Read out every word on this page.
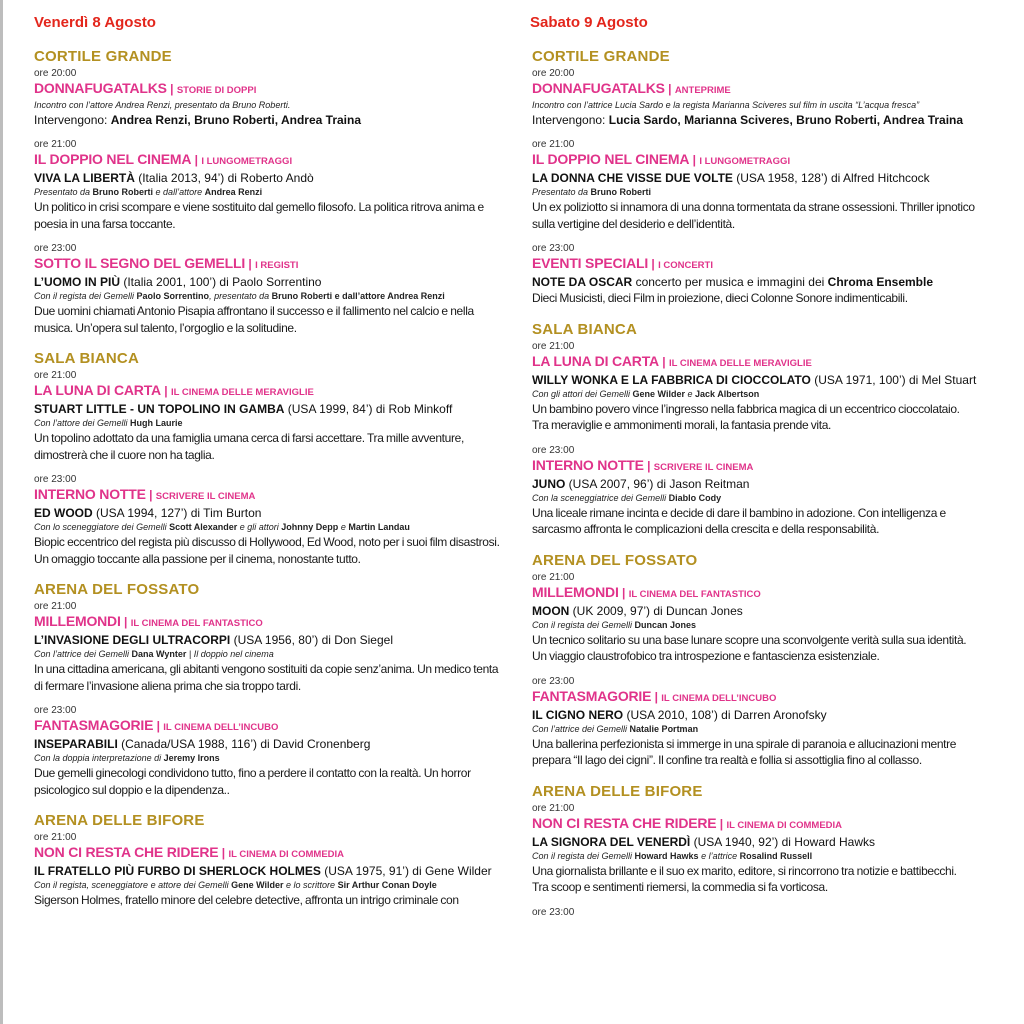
Venerdì 8 Agosto
CORTILE GRANDE
ore 20:00
DONNAFUGATALKS | STORIE DI DOPPI
Incontro con l’attore Andrea Renzi, presentato da Bruno Roberti.
Intervengono: Andrea Renzi, Bruno Roberti, Andrea Traina
ore 21:00
IL DOPPIO NEL CINEMA | I LUNGOMETRAGGI
VIVA LA LIBERTÀ (Italia 2013, 94’) di Roberto Andò
Presentato da Bruno Roberti e dall’attore Andrea Renzi
Un politico in crisi scompare e viene sostituito dal gemello filosofo. La politica ritrova anima e
poesia in una farsa toccante.
ore 23:00
SOTTO IL SEGNO DEL GEMELLI | I REGISTI
L’UOMO IN PIÙ (Italia 2001, 100’) di Paolo Sorrentino
Con il regista dei Gemelli Paolo Sorrentino, presentato da Bruno Roberti e dall’attore Andrea Renzi
Due uomini chiamati Antonio Pisapia affrontano il successo e il fallimento nel calcio e nella
musica. Un’opera sul talento, l’orgoglio e la solitudine.
SALA BIANCA
ore 21:00
LA LUNA DI CARTA | IL CINEMA DELLE MERAVIGLIE
STUART LITTLE - UN TOPOLINO IN GAMBA (USA 1999, 84’) di Rob Minkoff
Con l’attore dei Gemelli Hugh Laurie
Un topolino adottato da una famiglia umana cerca di farsi accettare. Tra mille avventure,
dimostrerà che il cuore non ha taglia.
ore 23:00
INTERNO NOTTE | SCRIVERE IL CINEMA
ED WOOD (USA 1994, 127’) di Tim Burton
Con lo sceneggiatore dei Gemelli Scott Alexander e gli attori Johnny Depp e Martin Landau
Biopic eccentrico del regista più discusso di Hollywood, Ed Wood, noto per i suoi film disastrosi.
Un omaggio toccante alla passione per il cinema, nonostante tutto.
ARENA DEL FOSSATO
ore 21:00
MILLEMONDI | IL CINEMA DEL FANTASTICO
L’INVASIONE DEGLI ULTRACORPI (USA 1956, 80’) di Don Siegel
Con l’attrice dei Gemelli Dana Wynter | Il doppio nel cinema
In una cittadina americana, gli abitanti vengono sostituiti da copie senz’anima. Un medico tenta
di fermare l’invasione aliena prima che sia troppo tardi.
ore 23:00
FANTASMAGORIE | IL CINEMA DELL’INCUBO
INSEPARABILI (Canada/USA 1988, 116’) di David Cronenberg
Con la doppia interpretazione di Jeremy Irons
Due gemelli ginecologi condividono tutto, fino a perdere il contatto con la realtà. Un horror
psicologico sul doppio e la dipendenza..
ARENA DELLE BIFORE
ore 21:00
NON CI RESTA CHE RIDERE | IL CINEMA DI COMMEDIA
IL FRATELLO PIÙ FURBO DI SHERLOCK HOLMES (USA 1975, 91’) di Gene Wilder
Con il regista, sceneggiatore e attore dei Gemelli Gene Wilder e lo scrittore Sir Arthur Conan Doyle
Sigerson Holmes, fratello minore del celebre detective, affronta un intrigo criminale con
Sabato 9 Agosto
CORTILE GRANDE
ore 20:00
DONNAFUGATALKS | ANTEPRIME
Incontro con l’attrice Lucia Sardo e la regista Marianna Sciveres sul film in uscita “L’acqua fresca”
Intervengono: Lucia Sardo, Marianna Sciveres, Bruno Roberti, Andrea Traina
ore 21:00
IL DOPPIO NEL CINEMA | I LUNGOMETRAGGI
LA DONNA CHE VISSE DUE VOLTE (USA 1958, 128’) di Alfred Hitchcock
Presentato da Bruno Roberti
Un ex poliziotto si innamora di una donna tormentata da strane ossessioni. Thriller ipnotico
sulla vertigine del desiderio e dell’identità.
ore 23:00
EVENTI SPECIALI | I CONCERTI
NOTE DA OSCAR concerto per musica e immagini dei Chroma Ensemble
Dieci Musicisti, dieci Film in proiezione, dieci Colonne Sonore indimenticabili.
SALA BIANCA
ore 21:00
LA LUNA DI CARTA | IL CINEMA DELLE MERAVIGLIE
WILLY WONKA E LA FABBRICA DI CIOCCOLATO (USA 1971, 100’) di Mel Stuart
Con gli attori dei Gemelli Gene Wilder e Jack Albertson
Un bambino povero vince l’ingresso nella fabbrica magica di un eccentrico cioccolataio.
Tra meraviglie e ammonimenti morali, la fantasia prende vita.
ore 23:00
INTERNO NOTTE | SCRIVERE IL CINEMA
JUNO (USA 2007, 96’) di Jason Reitman
Con la sceneggiatrice dei Gemelli Diablo Cody
Una liceale rimane incinta e decide di dare il bambino in adozione. Con intelligenza e
sarcasmo affronta le complicazioni della crescita e della responsabilità.
ARENA DEL FOSSATO
ore 21:00
MILLEMONDI | IL CINEMA DEL FANTASTICO
MOON (UK 2009, 97’) di Duncan Jones
Con il regista dei Gemelli Duncan Jones
Un tecnico solitario su una base lunare scopre una sconvolgente verità sulla sua identità.
Un viaggio claustrofobico tra introspezione e fantascienza esistenziale.
ore 23:00
FANTASMAGORIE | IL CINEMA DELL’INCUBO
IL CIGNO NERO (USA 2010, 108’) di Darren Aronofsky
Con l’attrice dei Gemelli Natalie Portman
Una ballerina perfezionista si immerge in una spirale di paranoia e allucinazioni mentre
prepara “Il lago dei cigni”. Il confine tra realtà e follia si assottiglia fino al collasso.
ARENA DELLE BIFORE
ore 21:00
NON CI RESTA CHE RIDERE | IL CINEMA DI COMMEDIA
LA SIGNORA DEL VENERDÌ (USA 1940, 92’) di Howard Hawks
Con il regista dei Gemelli Howard Hawks e l’attrice Rosalind Russell
Una giornalista brillante e il suo ex marito, editore, si rincorrono tra notizie e battibecchi.
Tra scoop e sentimenti riemersi, la commedia si fa vorticosa.
ore 23:00
